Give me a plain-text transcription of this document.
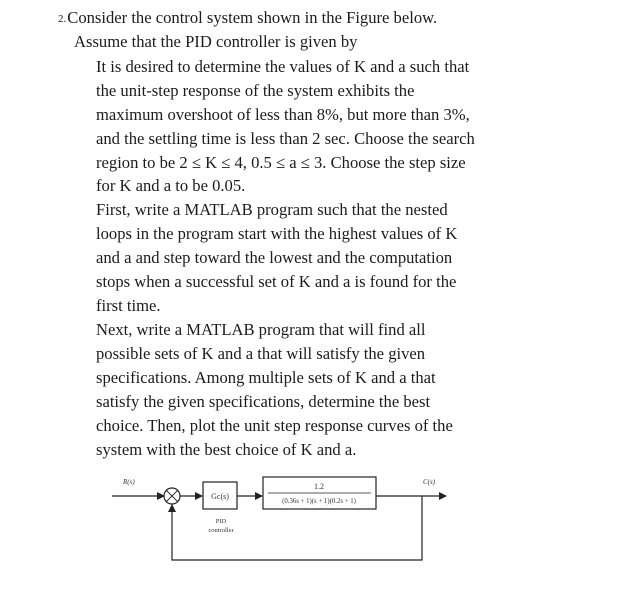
2.Consider the control system shown in the Figure below.
Assume that the PID controller is given by
It is desired to determine the values of K and a such that
the unit-step response of the system exhibits the
maximum overshoot of less than 8%, but more than 3%,
and the settling time is less than 2 sec. Choose the search
region to be 2 ≤ K ≤ 4, 0.5 ≤ a ≤ 3. Choose the step size
for K and a to be 0.05.
First, write a MATLAB program such that the nested
loops in the program start with the highest values of K
and a and step toward the lowest and the computation
stops when a successful set of K and a is found for the
first time.
Next, write a MATLAB program that will find all
possible sets of K and a that will satisfy the given
specifications. Among multiple sets of K and a that
satisfy the given specifications, determine the best
choice. Then, plot the unit step response curves of the
system with the best choice of K and a.
R(s)
Gc(s)
PID
controller
1.2
(0.36s + 1)(s + 1)(0.2s + 1)
C(s)
